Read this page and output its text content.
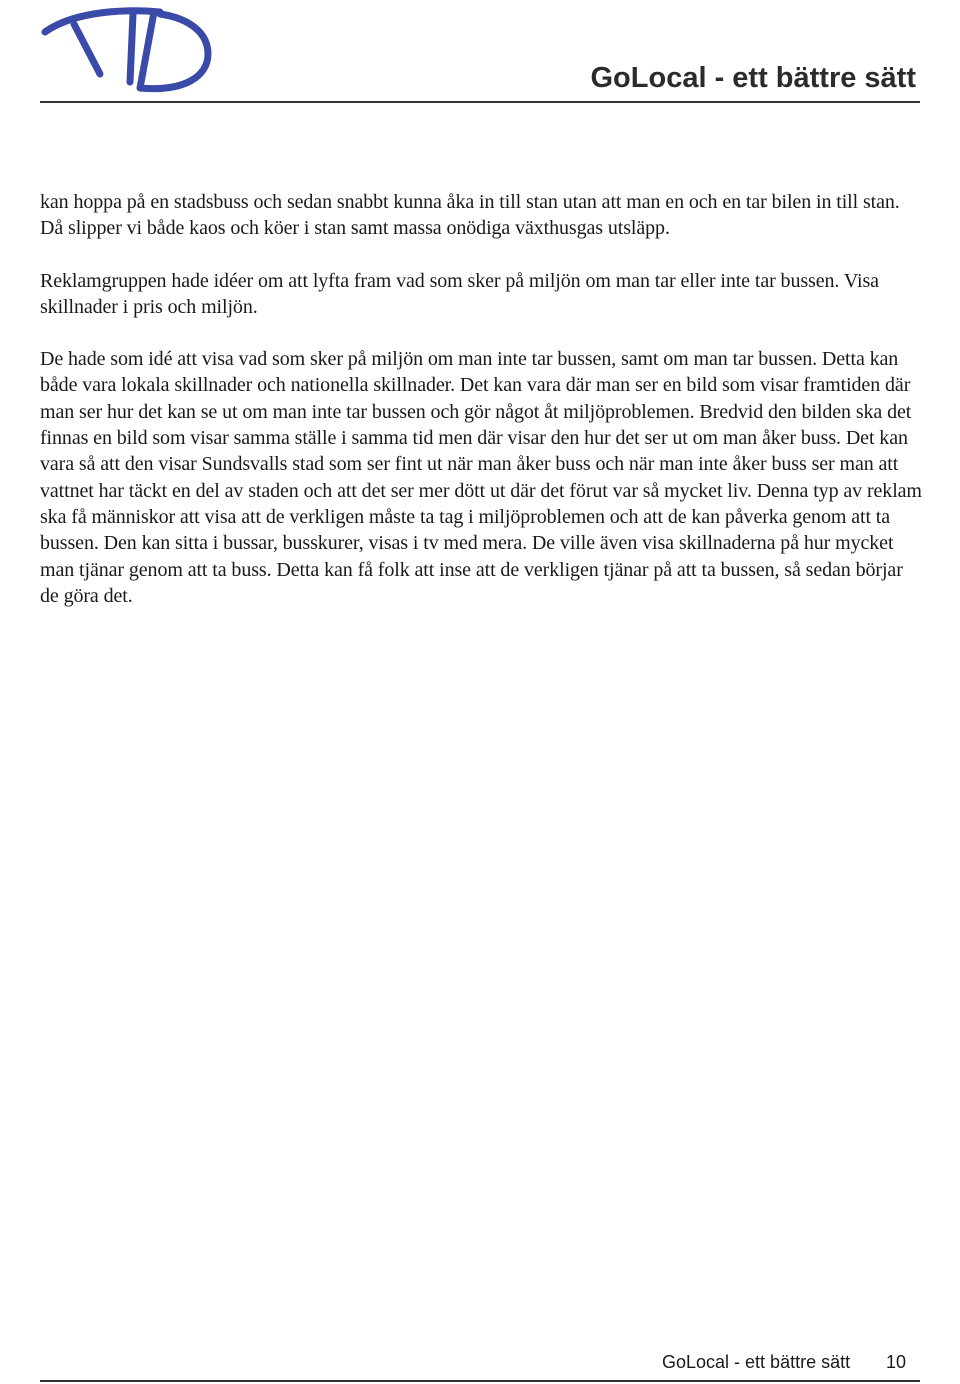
GoLocal - ett bättre sätt

kan hoppa på en stadsbuss och sedan snabbt kunna åka in till stan utan att man en och en tar bilen in till stan. Då slipper vi både kaos och köer i stan samt massa onödiga växthusgas utsläpp.

Reklamgruppen hade idéer om att lyfta fram vad som sker på miljön om man tar eller inte tar bussen. Visa skillnader i pris och miljön.

De hade som idé att visa vad som sker på miljön om man inte tar bussen, samt om man tar bussen. Detta kan både vara lokala skillnader och nationella skillnader. Det kan vara där man ser en bild som visar framtiden där man ser hur det kan se ut om man inte tar bussen och gör något åt miljöproblemen. Bredvid den bilden ska det finnas en bild som visar samma ställe i samma tid men där visar den hur det ser ut om man åker buss. Det kan vara så att den visar Sundsvalls stad som ser fint ut när man åker buss och när man inte åker buss ser man att vattnet har täckt en del av staden och att det ser mer dött ut där det förut var så mycket liv. Denna typ av reklam ska få människor att visa att de verkligen måste ta tag i miljöproblemen och att de kan påverka genom att ta bussen. Den kan sitta i bussar, busskurer, visas i tv med mera. De ville även visa skillnaderna på hur mycket man tjänar genom att ta buss. Detta kan få folk att inse att de verkligen tjänar på att ta bussen, så sedan börjar de göra det.

GoLocal - ett bättre sätt 10
